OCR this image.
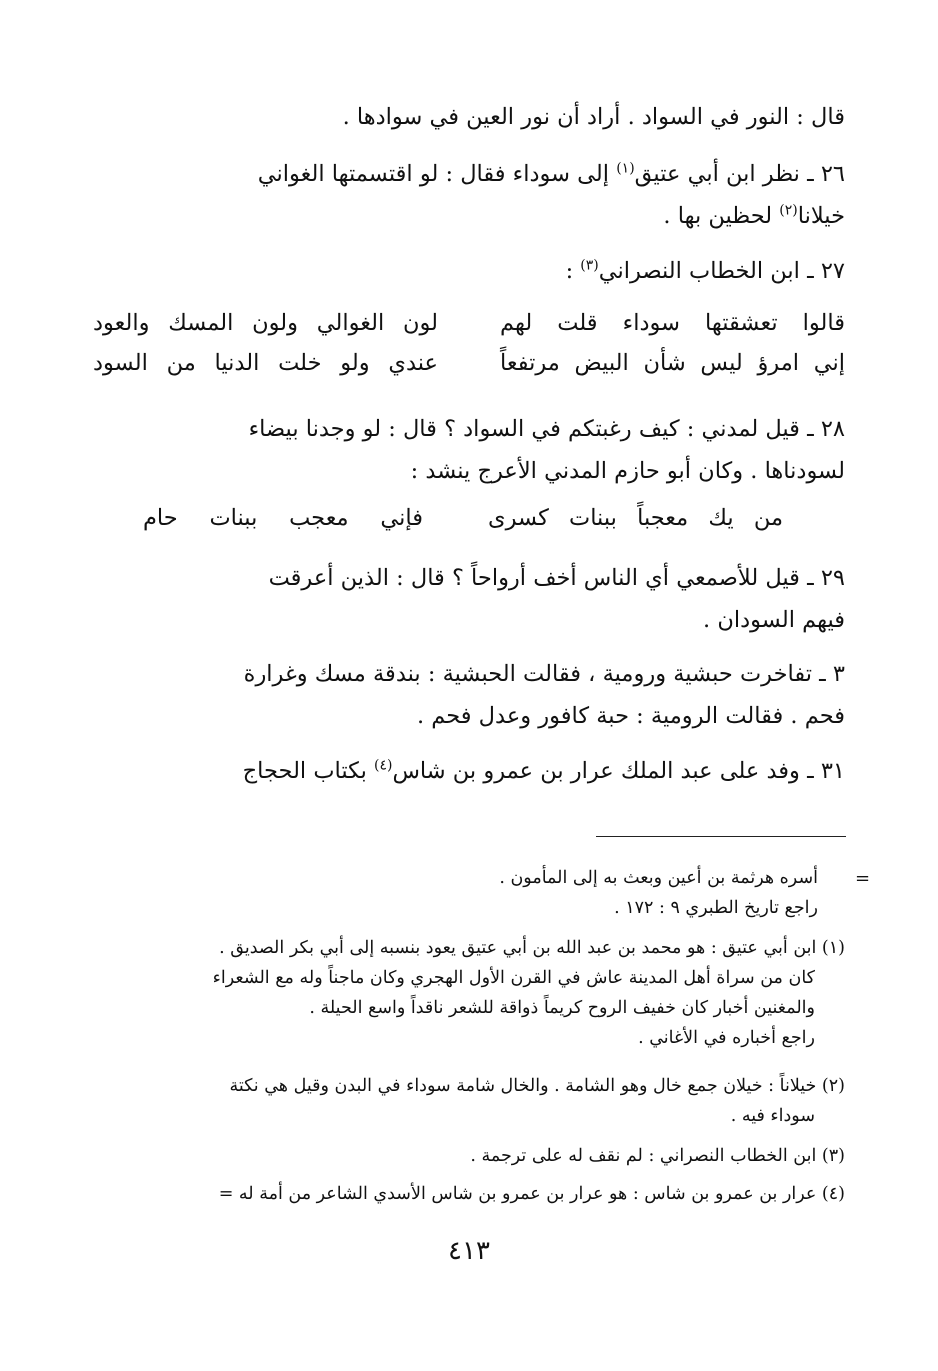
قال : النور في السواد . أراد أن نور العين في سوادها .
٢٦ ـ نظر ابن أبي عتيق$^{(١)}$ إلى سوداء فقال : لو اقتسمتها الغواني
خيلانا$^{(٢)}$ لحظين بها .
٢٧ ـ ابن الخطاب النصراني$^{(٣)}$ :
قالوا تعشقتها سوداء قلت لهم
لون الغوالي ولون المسك والعود
إني امرؤ ليس شأن البيض مرتفعاً
عندي ولو خلت الدنيا من السود
٢٨ ـ قيل لمدني : كيف رغبتكم في السواد ؟ قال : لو وجدنا بيضاء
لسودناها . وكان أبو حازم المدني الأعرج ينشد :
من يك معجباً ببنات كسرى
فإني معجب ببنات حام
٢٩ ـ قيل للأصمعي أي الناس أخف أرواحاً ؟ قال : الذين أعرقت
فيهم السودان .
٣ ـ تفاخرت حبشية ورومية ، فقالت الحبشية : بندقة مسك وغرارة
فحم . فقالت الرومية : حبة كافور وعدل فحم .
٣١ ـ وفد على عبد الملك عرار بن عمرو بن شاس$^{(٤)}$ بكتاب الحجاج
=
أسره هرثمة بن أعين وبعث به إلى المأمون .
راجع تاريخ الطبري ٩ : ١٧٢ .
(١) ابن أبي عتيق : هو محمد بن عبد الله بن أبي عتيق يعود بنسبه إلى أبي بكر الصديق .
كان من سراة أهل المدينة عاش في القرن الأول الهجري وكان ماجناً وله مع الشعراء
والمغنين أخبار كان خفيف الروح كريماً ذواقة للشعر ناقداً واسع الحيلة .
راجع أخباره في الأغاني .
(٢) خيلاناً : خيلان جمع خال وهو الشامة . والخال شامة سوداء في البدن وقيل هي نكتة
سوداء فيه .
(٣) ابن الخطاب النصراني : لم نقف له على ترجمة .
(٤) عرار بن عمرو بن شاس : هو عرار بن عمرو بن شاس الأسدي الشاعر من أمة له =
٤١٣
